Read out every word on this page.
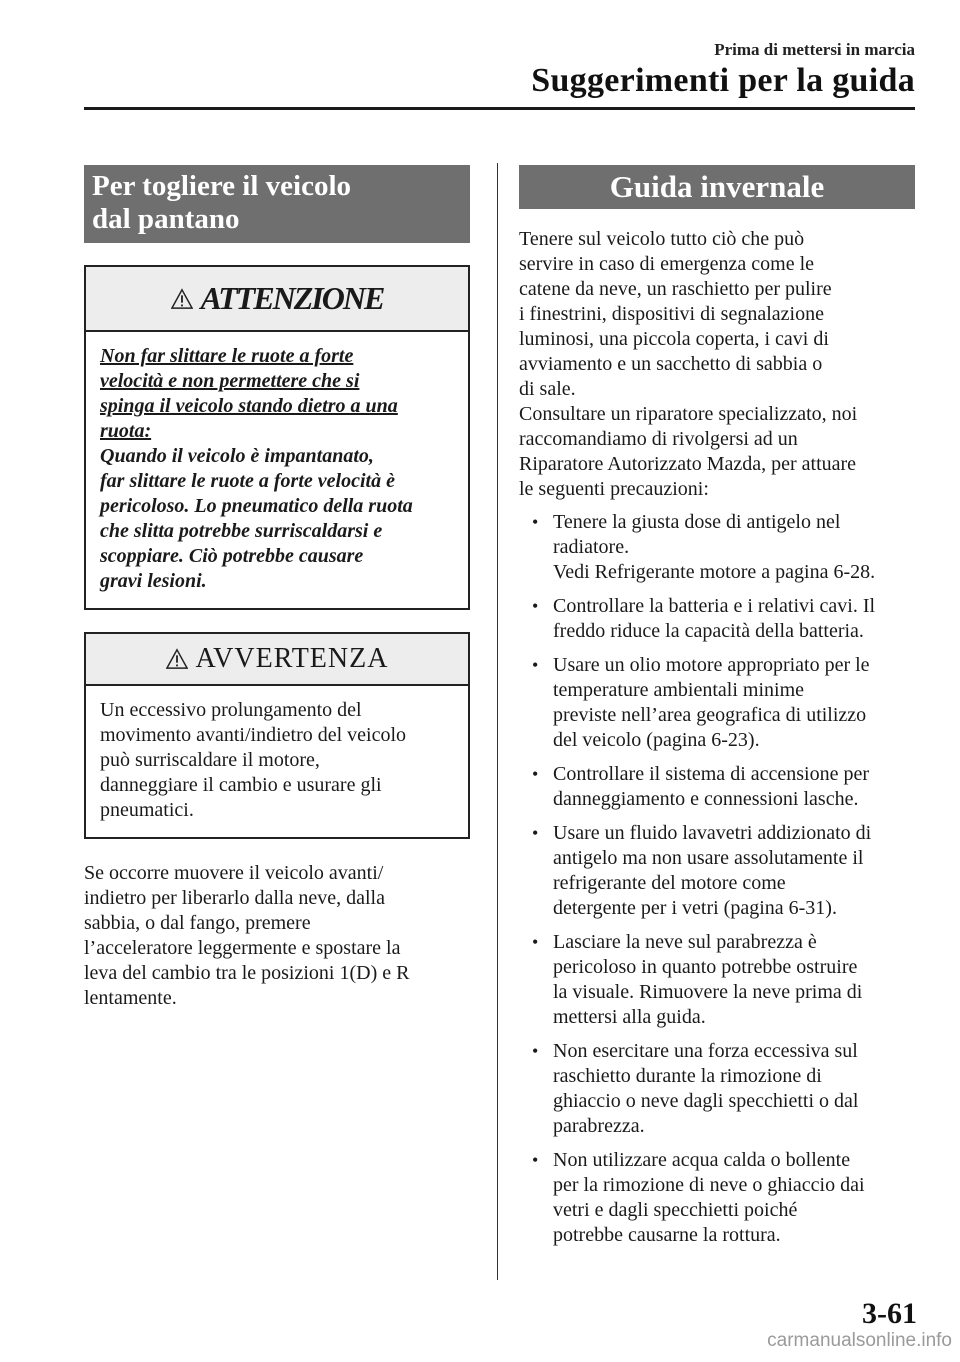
Prima di mettersi in marcia
Suggerimenti per la guida
Per togliere il veicolo
dal pantano
ATTENZIONE
Non far slittare le ruote a forte
velocità e non permettere che si
spinga il veicolo stando dietro a una
ruota:
Quando il veicolo è impantanato,
far slittare le ruote a forte velocità è
pericoloso. Lo pneumatico della ruota
che slitta potrebbe surriscaldarsi e
scoppiare. Ciò potrebbe causare
gravi lesioni.
AVVERTENZA
Un eccessivo prolungamento del
movimento avanti/indietro del veicolo
può surriscaldare il motore,
danneggiare il cambio e usurare gli
pneumatici.
Se occorre muovere il veicolo avanti/
indietro per liberarlo dalla neve, dalla
sabbia, o dal fango, premere
l’acceleratore leggermente e spostare la
leva del cambio tra le posizioni 1(D) e R
lentamente.
Guida invernale
Tenere sul veicolo tutto ciò che può
servire in caso di emergenza come le
catene da neve, un raschietto per pulire
i finestrini, dispositivi di segnalazione
luminosi, una piccola coperta, i cavi di
avviamento e un sacchetto di sabbia o
di sale.
Consultare un riparatore specializzato, noi
raccomandiamo di rivolgersi ad un
Riparatore Autorizzato Mazda, per attuare
le seguenti precauzioni:
• Tenere la giusta dose di antigelo nel
radiatore.
Vedi Refrigerante motore a pagina 6-28.
• Controllare la batteria e i relativi cavi. Il
freddo riduce la capacità della batteria.
• Usare un olio motore appropriato per le
temperature ambientali minime
previste nell’area geografica di utilizzo
del veicolo (pagina 6-23).
• Controllare il sistema di accensione per
danneggiamento e connessioni lasche.
• Usare un fluido lavavetri addizionato di
antigelo ma non usare assolutamente il
refrigerante del motore come
detergente per i vetri (pagina 6-31).
• Lasciare la neve sul parabrezza è
pericoloso in quanto potrebbe ostruire
la visuale. Rimuovere la neve prima di
mettersi alla guida.
• Non esercitare una forza eccessiva sul
raschietto durante la rimozione di
ghiaccio o neve dagli specchietti o dal
parabrezza.
• Non utilizzare acqua calda o bollente
per la rimozione di neve o ghiaccio dai
vetri e dagli specchietti poiché
potrebbe causarne la rottura.
3-61
carmanualsonline.info
